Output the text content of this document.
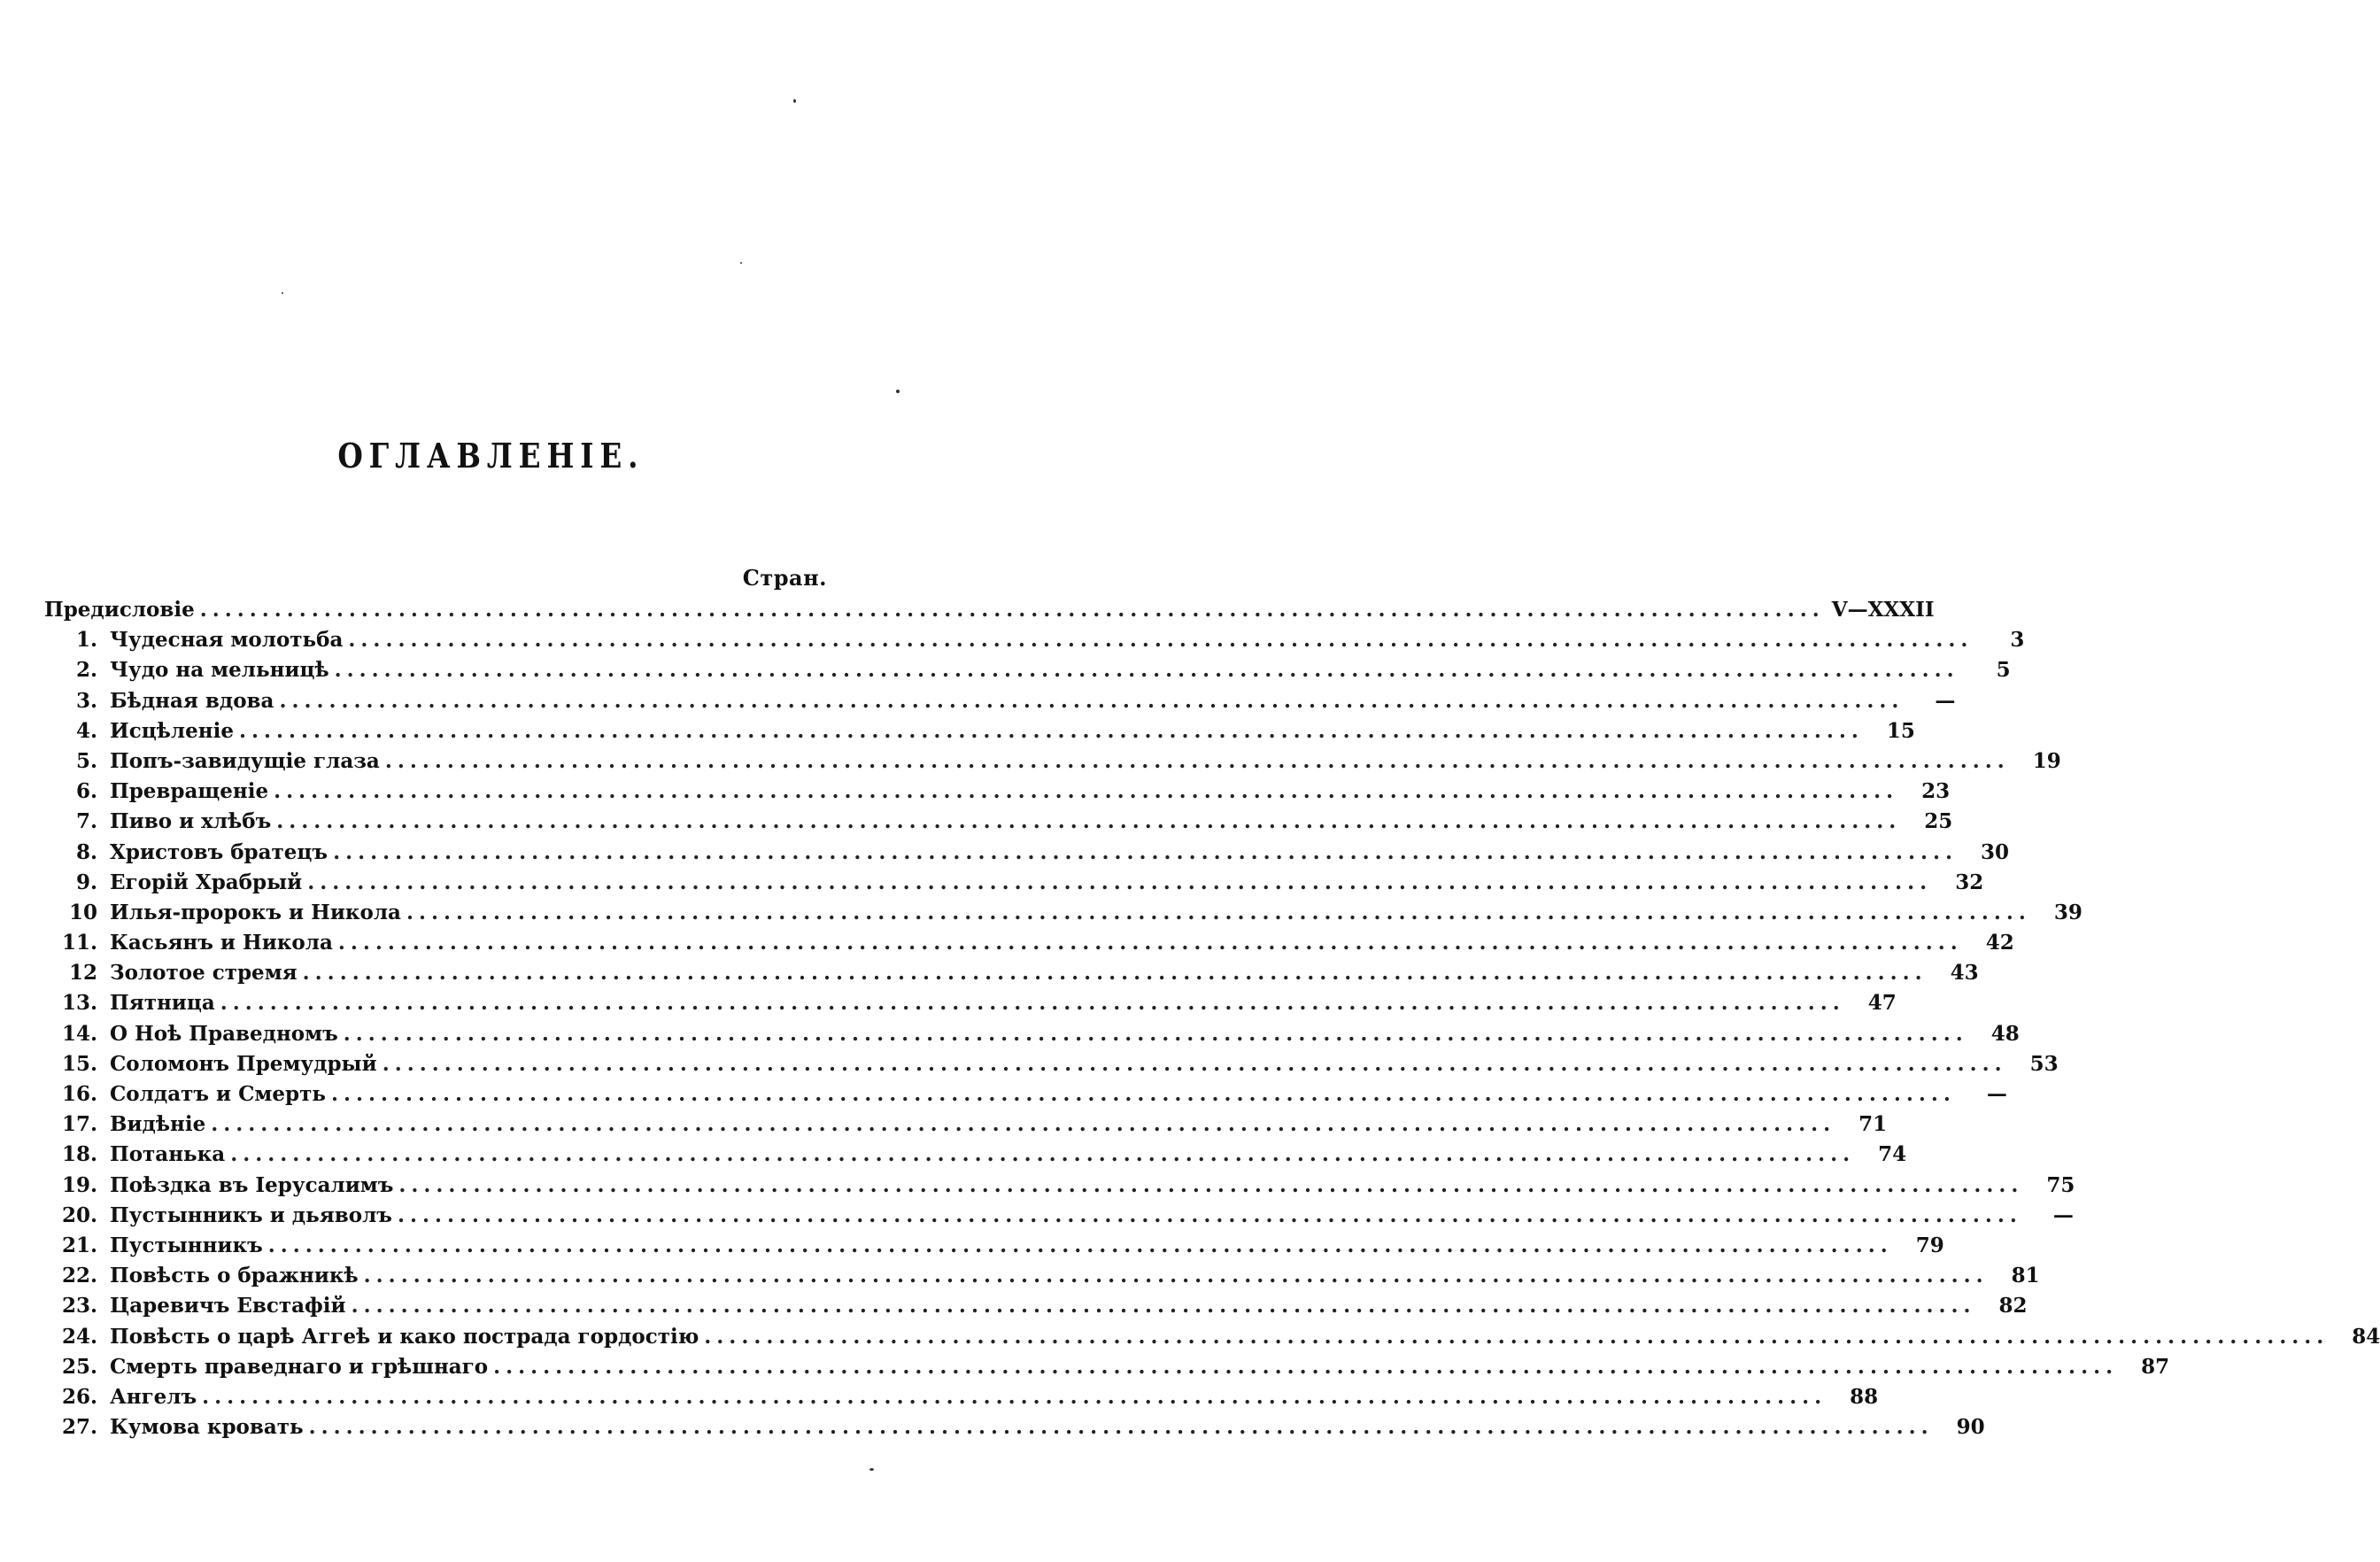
ОГЛАВЛЕНІЕ.
Стран.
Предисловіе ................................................................................................................................... V—XXXII
1. Чудесная молотьба ...................................................................................................................................	3
2. Чудо на мельницѣ ...................................................................................................................................	5
3. Бѣдная вдова ...................................................................................................................................	—
4. Исцѣленіе ...................................................................................................................................	15
5. Попъ-завидущіе глаза ...................................................................................................................................	19
6. Превращеніе ...................................................................................................................................	23
7. Пиво и хлѣбъ ...................................................................................................................................	25
8. Христовъ братецъ ...................................................................................................................................	30
9. Егорій Храбрый ...................................................................................................................................	32
10 Илья-пророкъ и Никола ...................................................................................................................................	39
11. Касьянъ и Никола ...................................................................................................................................	42
12 Золотое стремя ...................................................................................................................................	43
13. Пятница ...................................................................................................................................	47
14. О Ноѣ Праведномъ ...................................................................................................................................	48
15. Соломонъ Премудрый ...................................................................................................................................	53
16. Солдатъ и Смерть ...................................................................................................................................	—
17. Видѣніе ...................................................................................................................................	71
18. Потанька ...................................................................................................................................	74
19. Поѣздка въ Іерусалимъ ...................................................................................................................................	75
20. Пустынникъ и дьяволъ ...................................................................................................................................	—
21. Пустынникъ ...................................................................................................................................	79
22. Повѣсть о бражникѣ ...................................................................................................................................	81
23. Царевичъ Евстафій ...................................................................................................................................	82
24. Повѣсть о царѣ Аггеѣ и како пострада гордостію ...................................................................................................................................	84
25. Смерть праведнаго и грѣшнаго ...................................................................................................................................	87
26. Ангелъ ...................................................................................................................................	88
27. Кумова кровать ...................................................................................................................................	90
